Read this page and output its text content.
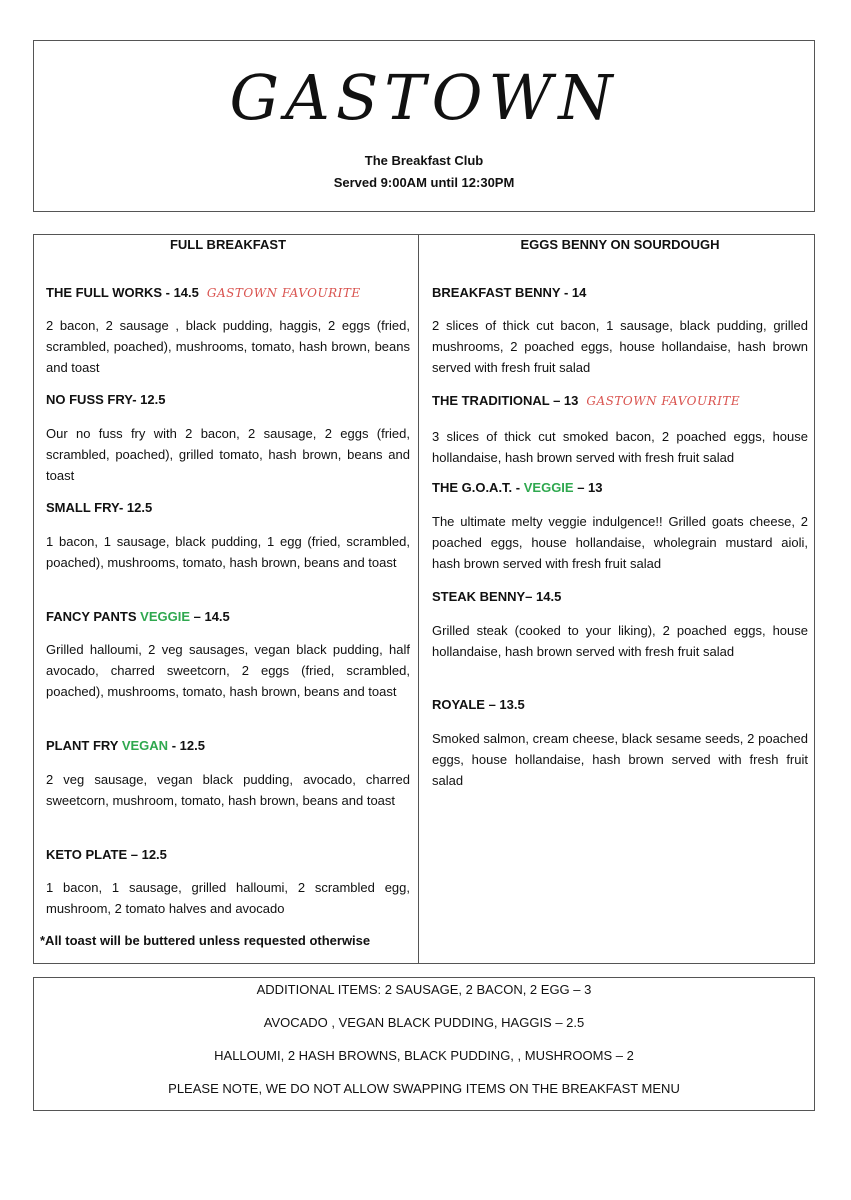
GASTOWN
The Breakfast Club
Served 9:00AM until 12:30PM
FULL BREAKFAST
THE FULL WORKS - 14.5 GASTOWN FAVOURITE
2 bacon, 2 sausage , black pudding, haggis, 2 eggs (fried, scrambled, poached), mushrooms, tomato, hash brown, beans and toast
NO FUSS FRY- 12.5
Our no fuss fry with 2 bacon, 2 sausage, 2 eggs (fried, scrambled, poached), grilled tomato, hash brown, beans and toast
SMALL FRY- 12.5
1 bacon, 1 sausage, black pudding, 1 egg (fried, scrambled, poached), mushrooms, tomato, hash brown, beans and toast
FANCY PANTS VEGGIE – 14.5
Grilled halloumi, 2 veg sausages, vegan black pudding, half avocado, charred sweetcorn, 2 eggs (fried, scrambled, poached), mushrooms, tomato, hash brown, beans and toast
PLANT FRY VEGAN - 12.5
2 veg sausage, vegan black pudding, avocado, charred sweetcorn, mushroom, tomato, hash brown, beans and toast
KETO PLATE – 12.5
1 bacon, 1 sausage, grilled halloumi, 2 scrambled egg, mushroom, 2 tomato halves and avocado
*All toast will be buttered unless requested otherwise
EGGS BENNY ON SOURDOUGH
BREAKFAST BENNY - 14
2 slices of thick cut bacon, 1 sausage, black pudding, grilled mushrooms, 2 poached eggs, house hollandaise, hash brown served with fresh fruit salad
THE TRADITIONAL – 13 GASTOWN FAVOURITE
3 slices of thick cut smoked bacon, 2 poached eggs, house hollandaise, hash brown served with fresh fruit salad
THE G.O.A.T. - VEGGIE – 13
The ultimate melty veggie indulgence!! Grilled goats cheese, 2 poached eggs, house hollandaise, wholegrain mustard aioli, hash brown served with fresh fruit salad
STEAK BENNY– 14.5
Grilled steak (cooked to your liking), 2 poached eggs, house hollandaise, hash brown served with fresh fruit salad
ROYALE – 13.5
Smoked salmon, cream cheese, black sesame seeds, 2 poached eggs, house hollandaise, hash brown served with fresh fruit salad
ADDITIONAL ITEMS: 2 SAUSAGE, 2 BACON, 2 EGG – 3
AVOCADO , VEGAN BLACK PUDDING, HAGGIS – 2.5
HALLOUMI, 2 HASH BROWNS, BLACK PUDDING, , MUSHROOMS – 2
PLEASE NOTE, WE DO NOT ALLOW SWAPPING ITEMS ON THE BREAKFAST MENU
